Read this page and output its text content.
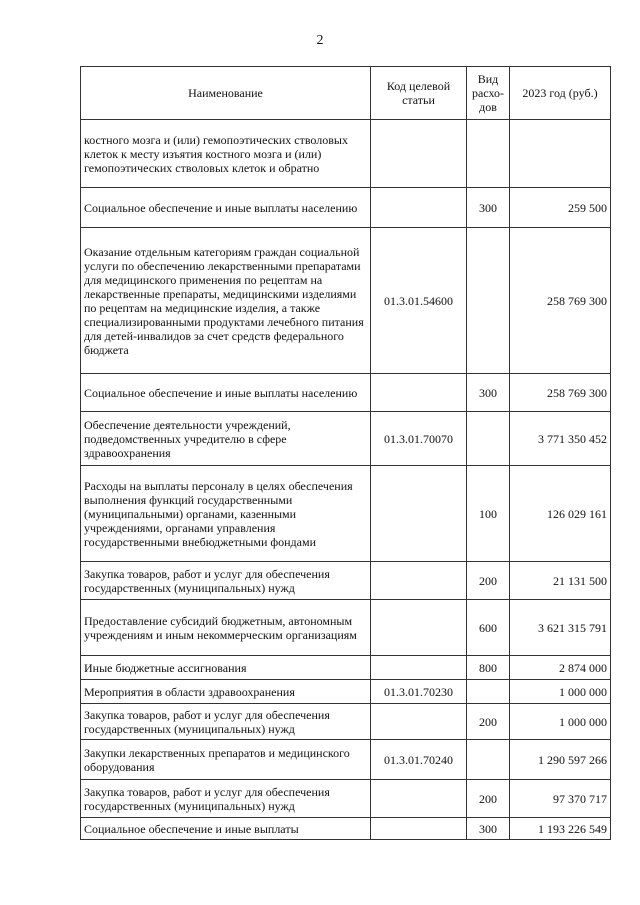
2
Наименование	Код целевой статьи	Вид расхо-дов	2023 год (руб.)
костного мозга и (или) гемопоэтических стволовых клеток к месту изъятия костного мозга и (или) гемопоэтических стволовых клеток и обратно			
Социальное обеспечение и иные выплаты населению		300	259 500
Оказание отдельным категориям граждан социальной услуги по обеспечению лекарственными препаратами для медицинского применения по рецептам на лекарственные препараты, медицинскими изделиями по рецептам на медицинские изделия, а также специализированными продуктами лечебного питания для детей-инвалидов за счет средств федерального бюджета	01.3.01.54600		258 769 300
Социальное обеспечение и иные выплаты населению		300	258 769 300
Обеспечение деятельности учреждений, подведомственных учредителю в сфере здравоохранения	01.3.01.70070		3 771 350 452
Расходы на выплаты персоналу в целях обеспечения выполнения функций государственными (муниципальными) органами, казенными учреждениями, органами управления государственными внебюджетными фондами		100	126 029 161
Закупка товаров, работ и услуг для обеспечения государственных (муниципальных) нужд		200	21 131 500
Предоставление субсидий бюджетным, автономным учреждениям и иным некоммерческим организациям		600	3 621 315 791
Иные бюджетные ассигнования		800	2 874 000
Мероприятия в области здравоохранения	01.3.01.70230		1 000 000
Закупка товаров, работ и услуг для обеспечения государственных (муниципальных) нужд		200	1 000 000
Закупки лекарственных препаратов и медицинского оборудования	01.3.01.70240		1 290 597 266
Закупка товаров, работ и услуг для обеспечения государственных (муниципальных) нужд		200	97 370 717
Социальное обеспечение и иные выплаты		300	1 193 226 549
